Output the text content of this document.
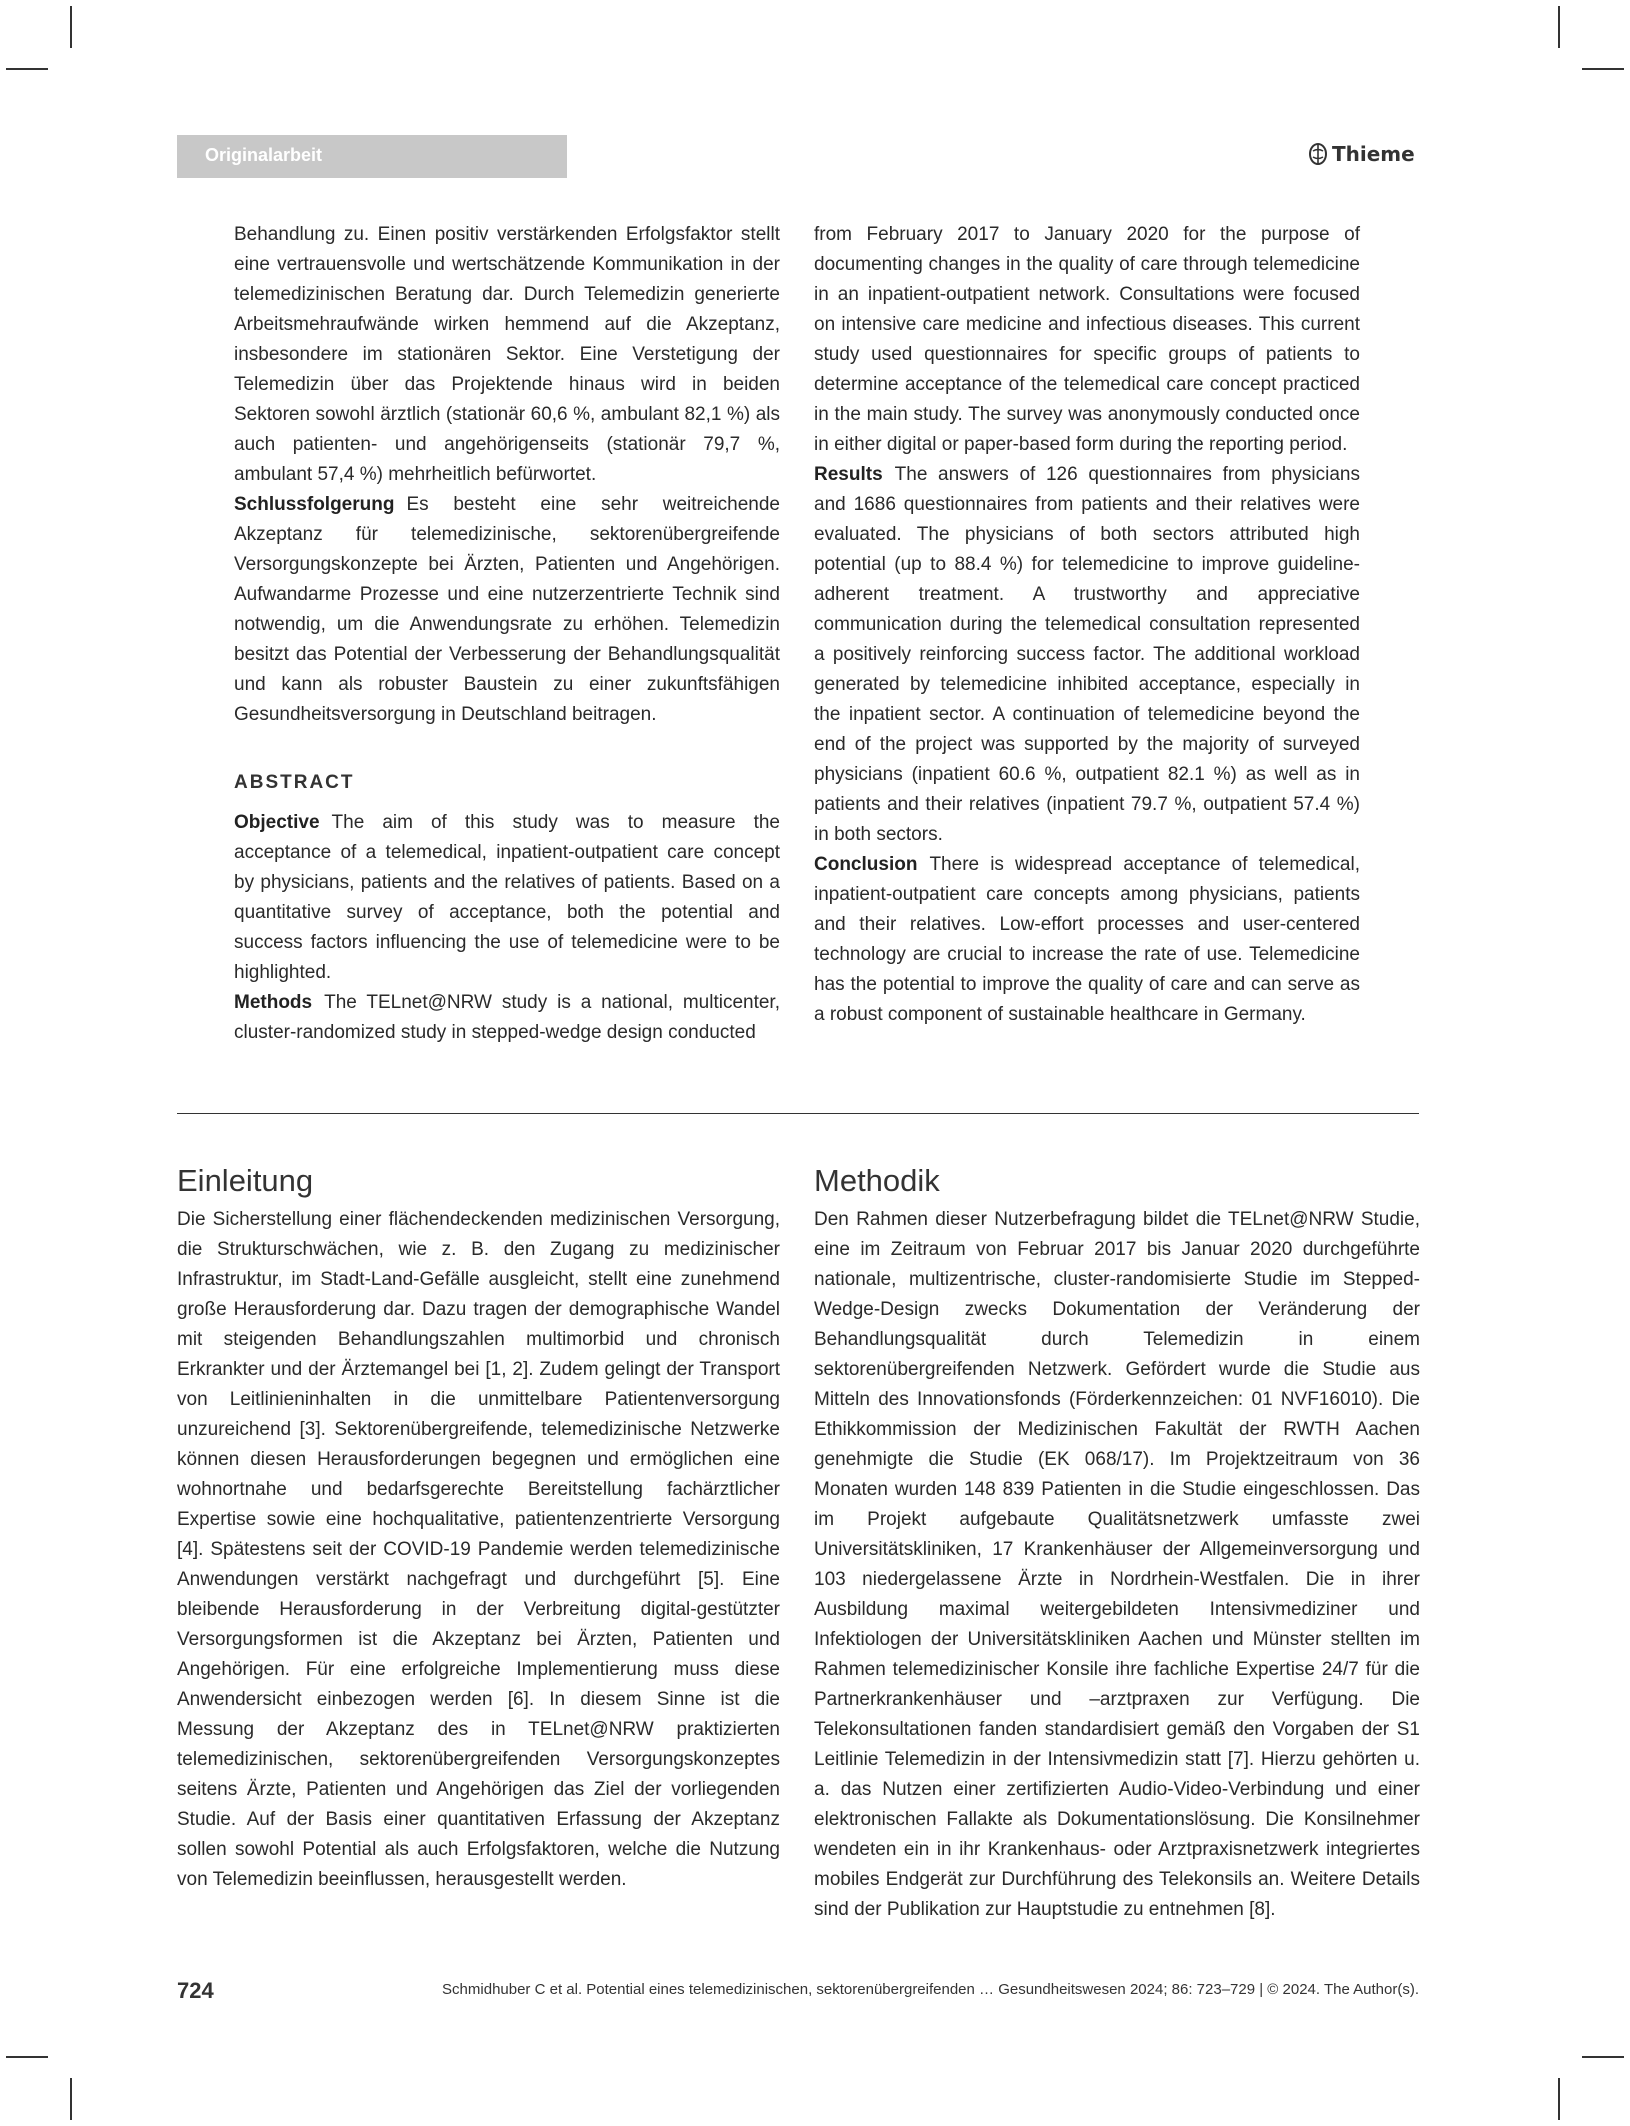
Originalarbeit	Thieme

Behandlung zu. Einen positiv verstärkenden Erfolgsfaktor stellt eine vertrauensvolle und wertschätzende Kommunikation in der telemedizinischen Beratung dar. Durch Telemedizin generierte Arbeitsmehraufwände wirken hemmend auf die Akzeptanz, insbesondere im stationären Sektor. Eine Verstetigung der Telemedizin über das Projektende hinaus wird in beiden Sektoren sowohl ärztlich (stationär 60,6 %, ambulant 82,1 %) als auch patienten- und angehörigenseits (stationär 79,7 %, ambulant 57,4 %) mehrheitlich befürwortet.

Schlussfolgerung Es besteht eine sehr weitreichende Akzeptanz für telemedizinische, sektorenübergreifende Versorgungskonzepte bei Ärzten, Patienten und Angehörigen. Aufwandarme Prozesse und eine nutzerzentrierte Technik sind notwendig, um die Anwendungsrate zu erhöhen. Telemedizin besitzt das Potential der Verbesserung der Behandlungsqualität und kann als robuster Baustein zu einer zukunftsfähigen Gesundheitsversorgung in Deutschland beitragen.

ABSTRACT

Objective The aim of this study was to measure the acceptance of a telemedical, inpatient-outpatient care concept by physicians, patients and the relatives of patients. Based on a quantitative survey of acceptance, both the potential and success factors influencing the use of telemedicine were to be highlighted.

Methods The TELnet@NRW study is a national, multicenter, cluster-randomized study in stepped-wedge design conducted

from February 2017 to January 2020 for the purpose of documenting changes in the quality of care through telemedicine in an inpatient-outpatient network. Consultations were focused on intensive care medicine and infectious diseases. This current study used questionnaires for specific groups of patients to determine acceptance of the telemedical care concept practiced in the main study. The survey was anonymously conducted once in either digital or paper-based form during the reporting period.

Results The answers of 126 questionnaires from physicians and 1686 questionnaires from patients and their relatives were evaluated. The physicians of both sectors attributed high potential (up to 88.4 %) for telemedicine to improve guideline-adherent treatment. A trustworthy and appreciative communication during the telemedical consultation represented a positively reinforcing success factor. The additional workload generated by telemedicine inhibited acceptance, especially in the inpatient sector. A continuation of telemedicine beyond the end of the project was supported by the majority of surveyed physicians (inpatient 60.6 %, outpatient 82.1 %) as well as in patients and their relatives (inpatient 79.7 %, outpatient 57.4 %) in both sectors.

Conclusion There is widespread acceptance of telemedical, inpatient-outpatient care concepts among physicians, patients and their relatives. Low-effort processes and user-centered technology are crucial to increase the rate of use. Telemedicine has the potential to improve the quality of care and can serve as a robust component of sustainable healthcare in Germany.

Einleitung

Die Sicherstellung einer flächendeckenden medizinischen Versorgung, die Strukturschwächen, wie z. B. den Zugang zu medizinischer Infrastruktur, im Stadt-Land-Gefälle ausgleicht, stellt eine zunehmend große Herausforderung dar. Dazu tragen der demographische Wandel mit steigenden Behandlungszahlen multimorbid und chronisch Erkrankter und der Ärztemangel bei [1, 2]. Zudem gelingt der Transport von Leitlinieninhalten in die unmittelbare Patientenversorgung unzureichend [3]. Sektorenübergreifende, telemedizinische Netzwerke können diesen Herausforderungen begegnen und ermöglichen eine wohnortnahe und bedarfsgerechte Bereitstellung fachärztlicher Expertise sowie eine hochqualitative, patientenzentrierte Versorgung [4]. Spätestens seit der COVID-19 Pandemie werden telemedizinische Anwendungen verstärkt nachgefragt und durchgeführt [5]. Eine bleibende Herausforderung in der Verbreitung digital-gestützter Versorgungsformen ist die Akzeptanz bei Ärzten, Patienten und Angehörigen. Für eine erfolgreiche Implementierung muss diese Anwendersicht einbezogen werden [6]. In diesem Sinne ist die Messung der Akzeptanz des in TELnet@NRW praktizierten telemedizinischen, sektorenübergreifenden Versorgungskonzeptes seitens Ärzte, Patienten und Angehörigen das Ziel der vorliegenden Studie. Auf der Basis einer quantitativen Erfassung der Akzeptanz sollen sowohl Potential als auch Erfolgsfaktoren, welche die Nutzung von Telemedizin beeinflussen, herausgestellt werden.

Methodik

Den Rahmen dieser Nutzerbefragung bildet die TELnet@NRW Studie, eine im Zeitraum von Februar 2017 bis Januar 2020 durchgeführte nationale, multizentrische, cluster-randomisierte Studie im Stepped-Wedge-Design zwecks Dokumentation der Veränderung der Behandlungsqualität durch Telemedizin in einem sektorenübergreifenden Netzwerk. Gefördert wurde die Studie aus Mitteln des Innovationsfonds (Förderkennzeichen: 01 NVF16010). Die Ethikkommission der Medizinischen Fakultät der RWTH Aachen genehmigte die Studie (EK 068/17). Im Projektzeitraum von 36 Monaten wurden 148 839 Patienten in die Studie eingeschlossen. Das im Projekt aufgebaute Qualitätsnetzwerk umfasste zwei Universitätskliniken, 17 Krankenhäuser der Allgemeinversorgung und 103 niedergelassene Ärzte in Nordrhein-Westfalen. Die in ihrer Ausbildung maximal weitergebildeten Intensivmediziner und Infektiologen der Universitätskliniken Aachen und Münster stellten im Rahmen telemedizinischer Konsile ihre fachliche Expertise 24/7 für die Partnerkrankenhäuser und –arztpraxen zur Verfügung. Die Telekonsultationen fanden standardisiert gemäß den Vorgaben der S1 Leitlinie Telemedizin in der Intensivmedizin statt [7]. Hierzu gehörten u. a. das Nutzen einer zertifizierten Audio-Video-Verbindung und einer elektronischen Fallakte als Dokumentationslösung. Die Konsilnehmer wendeten ein in ihr Krankenhaus- oder Arztpraxisnetzwerk integriertes mobiles Endgerät zur Durchführung des Telekonsils an. Weitere Details sind der Publikation zur Hauptstudie zu entnehmen [8].

724	Schmidhuber C et al. Potential eines telemedizinischen, sektorenübergreifenden … Gesundheitswesen 2024; 86: 723–729 | © 2024. The Author(s).
